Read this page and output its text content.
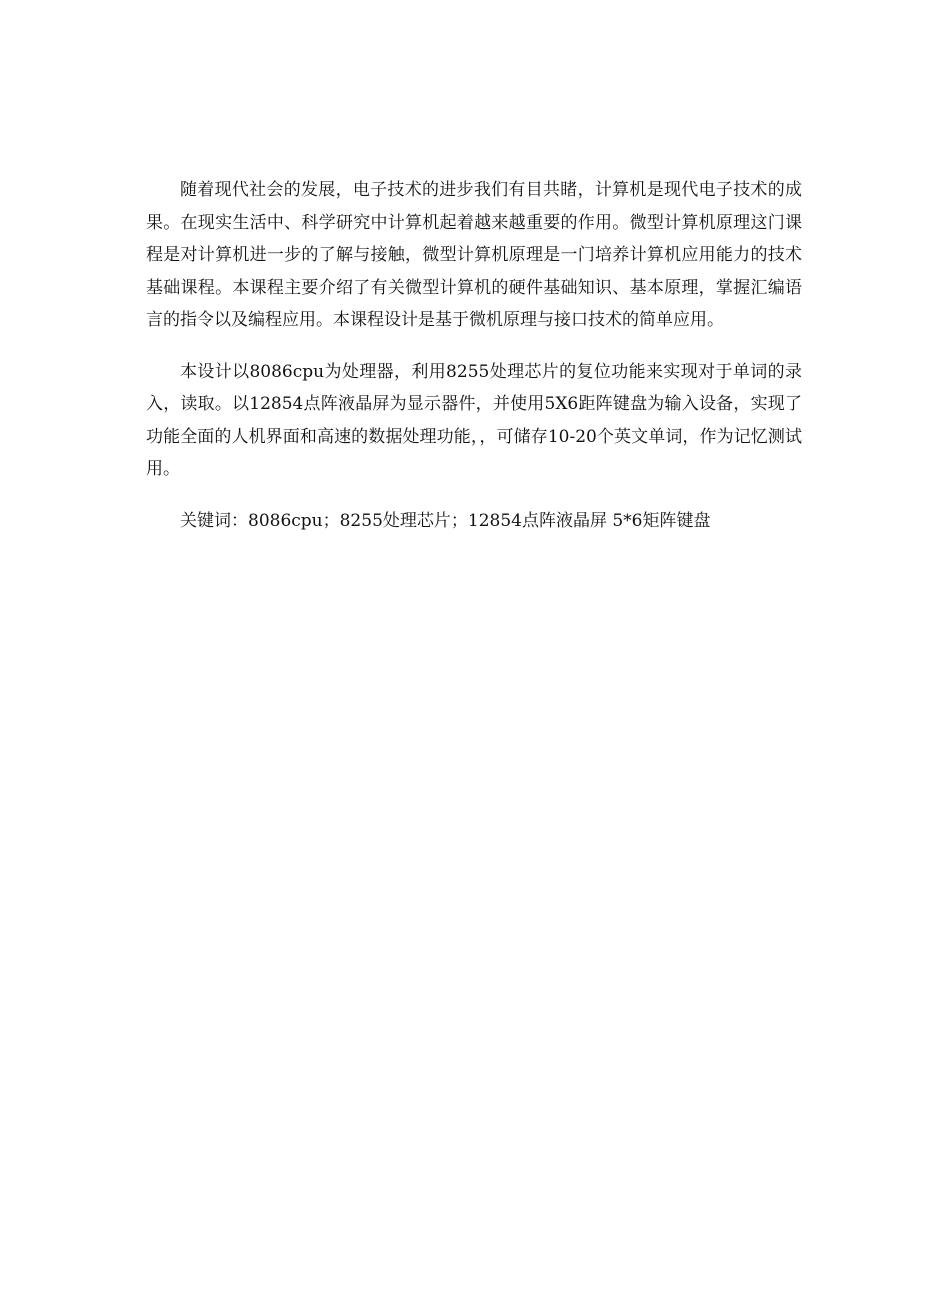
随着现代社会的发展，电子技术的进步我们有目共睹，计算机是现代电子技术的成果。在现实生活中、科学研究中计算机起着越来越重要的作用。微型计算机原理这门课程是对计算机进一步的了解与接触，微型计算机原理是一门培养计算机应用能力的技术基础课程。本课程主要介绍了有关微型计算机的硬件基础知识、基本原理，掌握汇编语言的指令以及编程应用。本课程设计是基于微机原理与接口技术的简单应用。

本设计以8086cpu为处理器，利用8255处理芯片的复位功能来实现对于单词的录入，读取。以12854点阵液晶屏为显示器件，并使用5X6距阵键盘为输入设备，实现了功能全面的人机界面和高速的数据处理功能，，可储存10-20个英文单词，作为记忆测试用。

关键词：8086cpu；8255处理芯片；12854点阵液晶屏 5*6矩阵键盘
